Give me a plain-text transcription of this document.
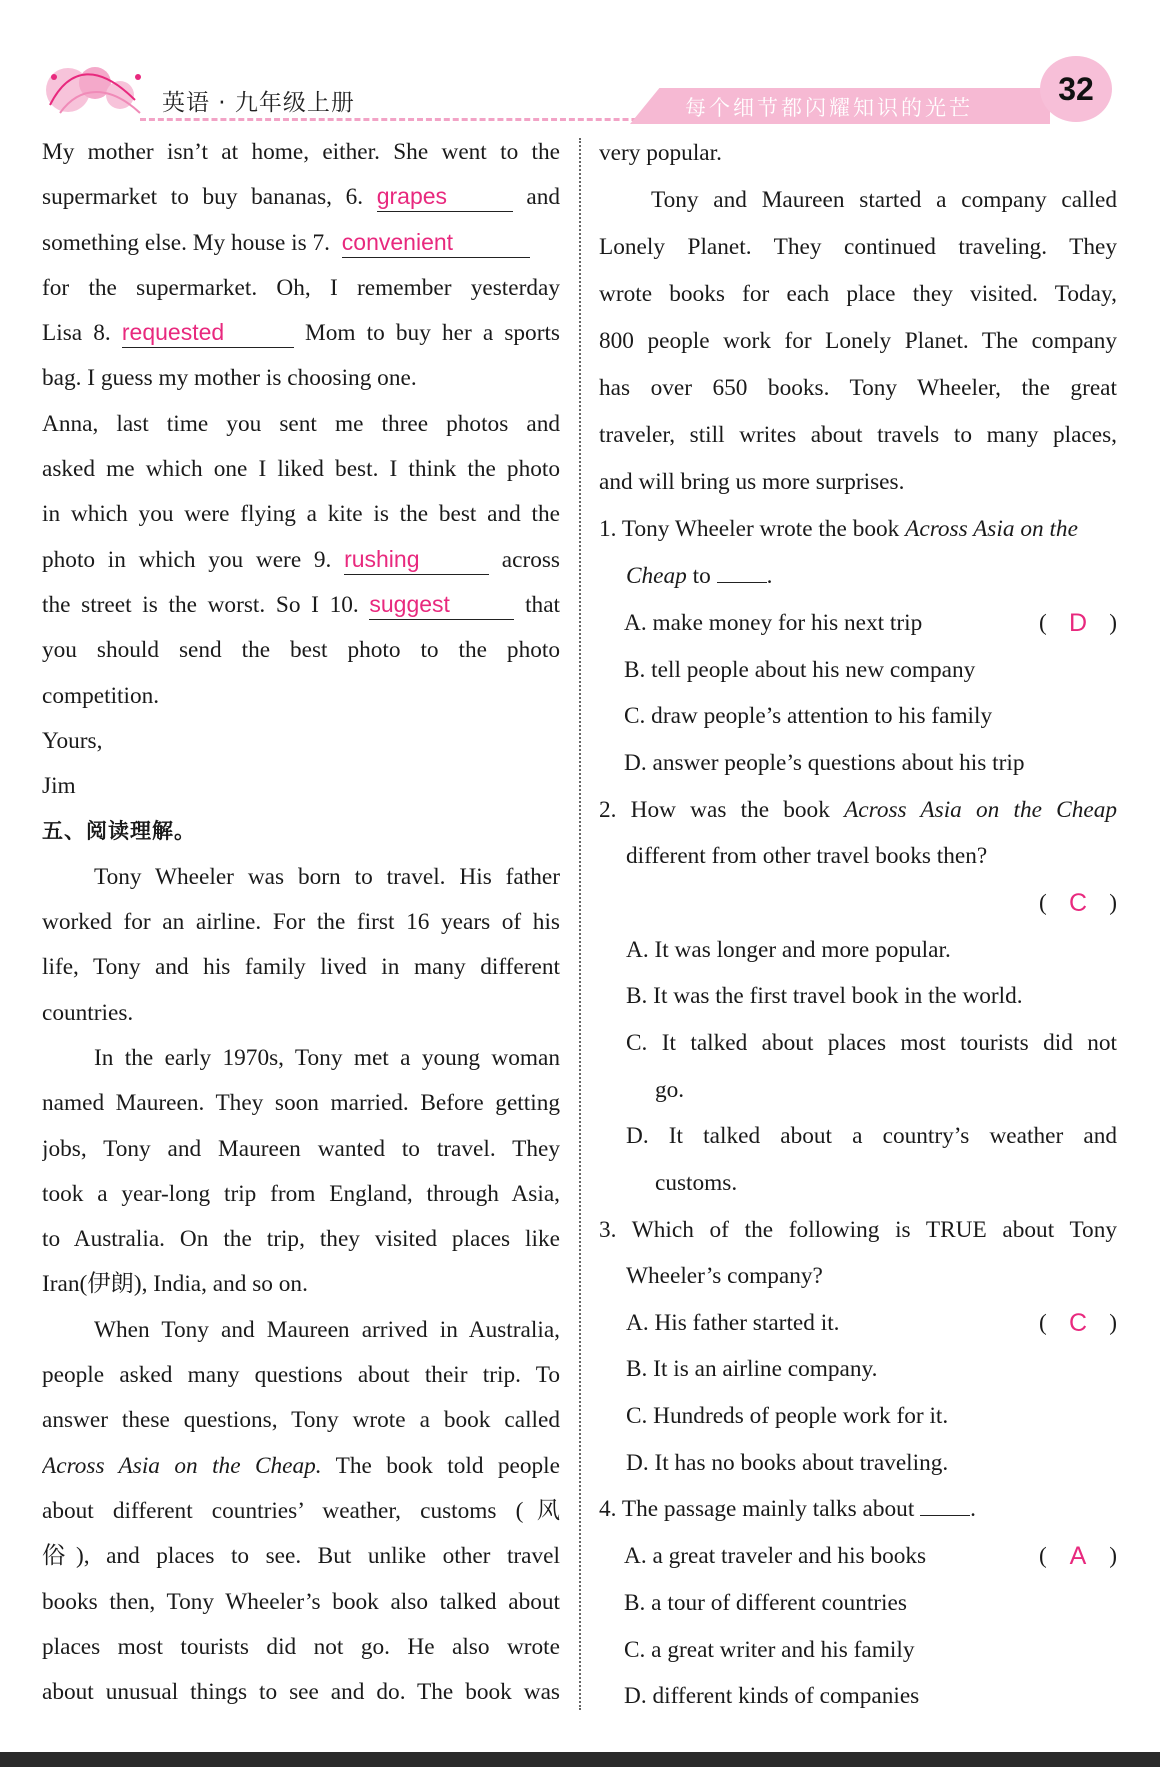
英语 · 九年级上册	每个细节都闪耀知识的光芒
32
My mother isn’t at home, either. She went to the
supermarket to buy bananas, 6. grapes	and
something else. My house is 7. convenient
for the supermarket. Oh, I remember yesterday
Lisa 8. requested	Mom to buy her a sports
bag. I guess my mother is choosing one.
Anna, last time you sent me three photos and
asked me which one I liked best. I think the photo
in which you were flying a kite is the best and the
photo in which you were 9. rushing	across
the street is the worst. So I 10. suggest	that
you should send the best photo to the photo
competition.
Yours,
Jim
五、阅读理解。
Tony Wheeler was born to travel. His father
worked for an airline. For the first 16 years of his
life, Tony and his family lived in many different
countries.
In the early 1970s, Tony met a young woman
named Maureen. They soon married. Before getting
jobs, Tony and Maureen wanted to travel. They
took a year-long trip from England, through Asia,
to Australia. On the trip, they visited places like
Iran(伊朗), India, and so on.
When Tony and Maureen arrived in Australia,
people asked many questions about their trip. To
answer these questions, Tony wrote a book called
Across Asia on the Cheap. The book told people
about different countries’ weather, customs (风
俗), and places to see. But unlike other travel
books then, Tony Wheeler’s book also talked about
places most tourists did not go. He also wrote
about unusual things to see and do. The book was
very popular.
Tony and Maureen started a company called
Lonely Planet. They continued traveling. They
wrote books for each place they visited. Today,
800 people work for Lonely Planet. The company
has over 650 books. Tony Wheeler, the great
traveler, still writes about travels to many places,
and will bring us more surprises.
1. Tony Wheeler wrote the book Across Asia on the
Cheap to .
( D )
A. make money for his next trip
B. tell people about his new company
C. draw people’s attention to his family
D. answer people’s questions about his trip
2. How was the book Across Asia on the Cheap
different from other travel books then?
( C )
A. It was longer and more popular.
B. It was the first travel book in the world.
C. It talked about places most tourists did not
go.
D. It talked about a country’s weather and
customs.
3. Which of the following is TRUE about Tony
Wheeler’s company?
( C )
A. His father started it.
B. It is an airline company.
C. Hundreds of people work for it.
D. It has no books about traveling.
4. The passage mainly talks about .
( A )
A. a great traveler and his books
B. a tour of different countries
C. a great writer and his family
D. different kinds of companies
